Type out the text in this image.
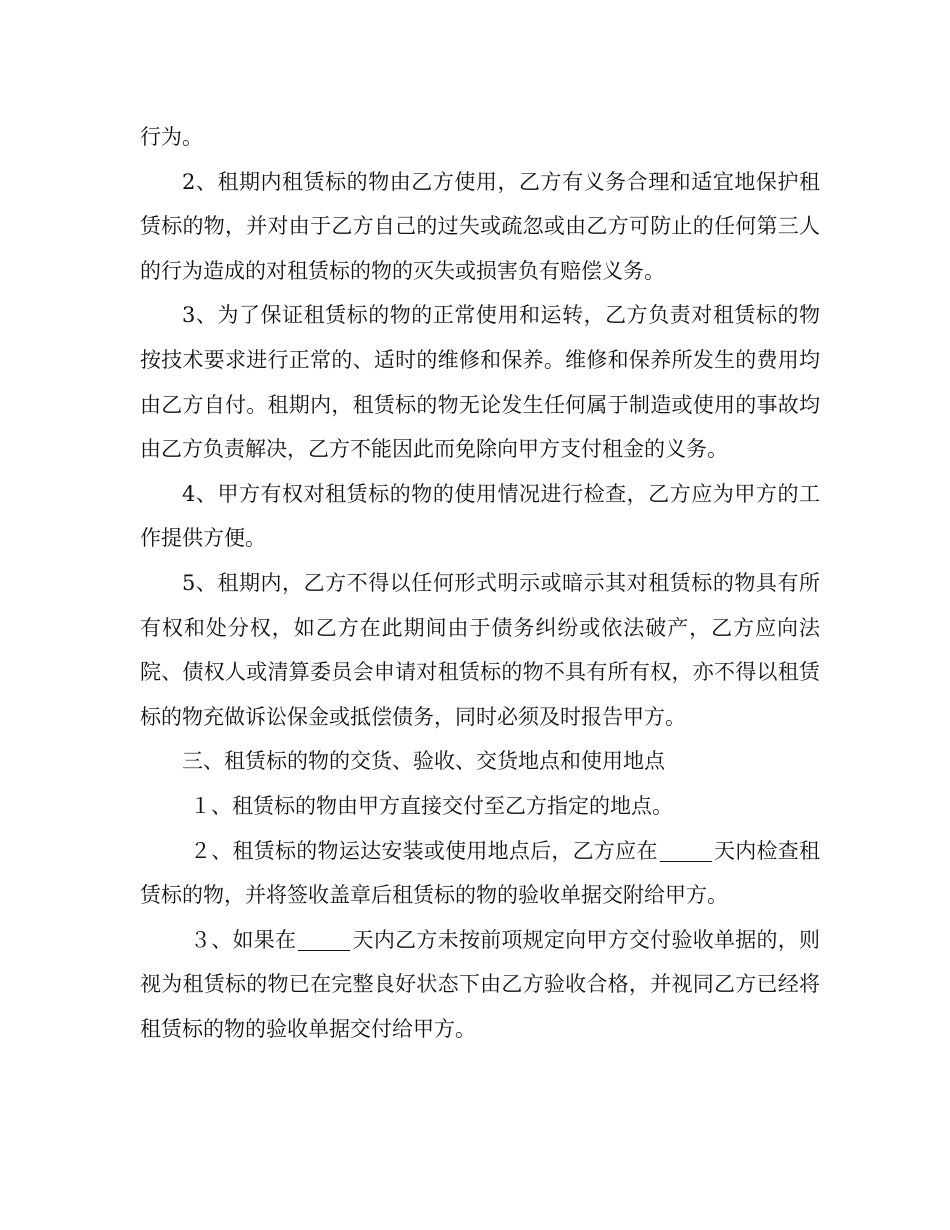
行为。

2、租期内租赁标的物由乙方使用，乙方有义务合理和适宜地保护租赁标的物，并对由于乙方自己的过失或疏忽或由乙方可防止的任何第三人的行为造成的对租赁标的物的灭失或损害负有赔偿义务。

3、为了保证租赁标的物的正常使用和运转，乙方负责对租赁标的物按技术要求进行正常的、适时的维修和保养。维修和保养所发生的费用均由乙方自付。租期内，租赁标的物无论发生任何属于制造或使用的事故均由乙方负责解决，乙方不能因此而免除向甲方支付租金的义务。

4、甲方有权对租赁标的物的使用情况进行检查，乙方应为甲方的工作提供方便。

5、租期内，乙方不得以任何形式明示或暗示其对租赁标的物具有所有权和处分权，如乙方在此期间由于债务纠纷或依法破产，乙方应向法院、债权人或清算委员会申请对租赁标的物不具有所有权，亦不得以租赁标的物充做诉讼保金或抵偿债务，同时必须及时报告甲方。

三、租赁标的物的交货、验收、交货地点和使用地点

１、租赁标的物由甲方直接交付至乙方指定的地点。

２、租赁标的物运达安装或使用地点后，乙方应在	天内检查租赁标的物，并将签收盖章后租赁标的物的验收单据交附给甲方。

３、如果在	天内乙方未按前项规定向甲方交付验收单据的，则视为租赁标的物已在完整良好状态下由乙方验收合格，并视同乙方已经将租赁标的物的验收单据交付给甲方。
